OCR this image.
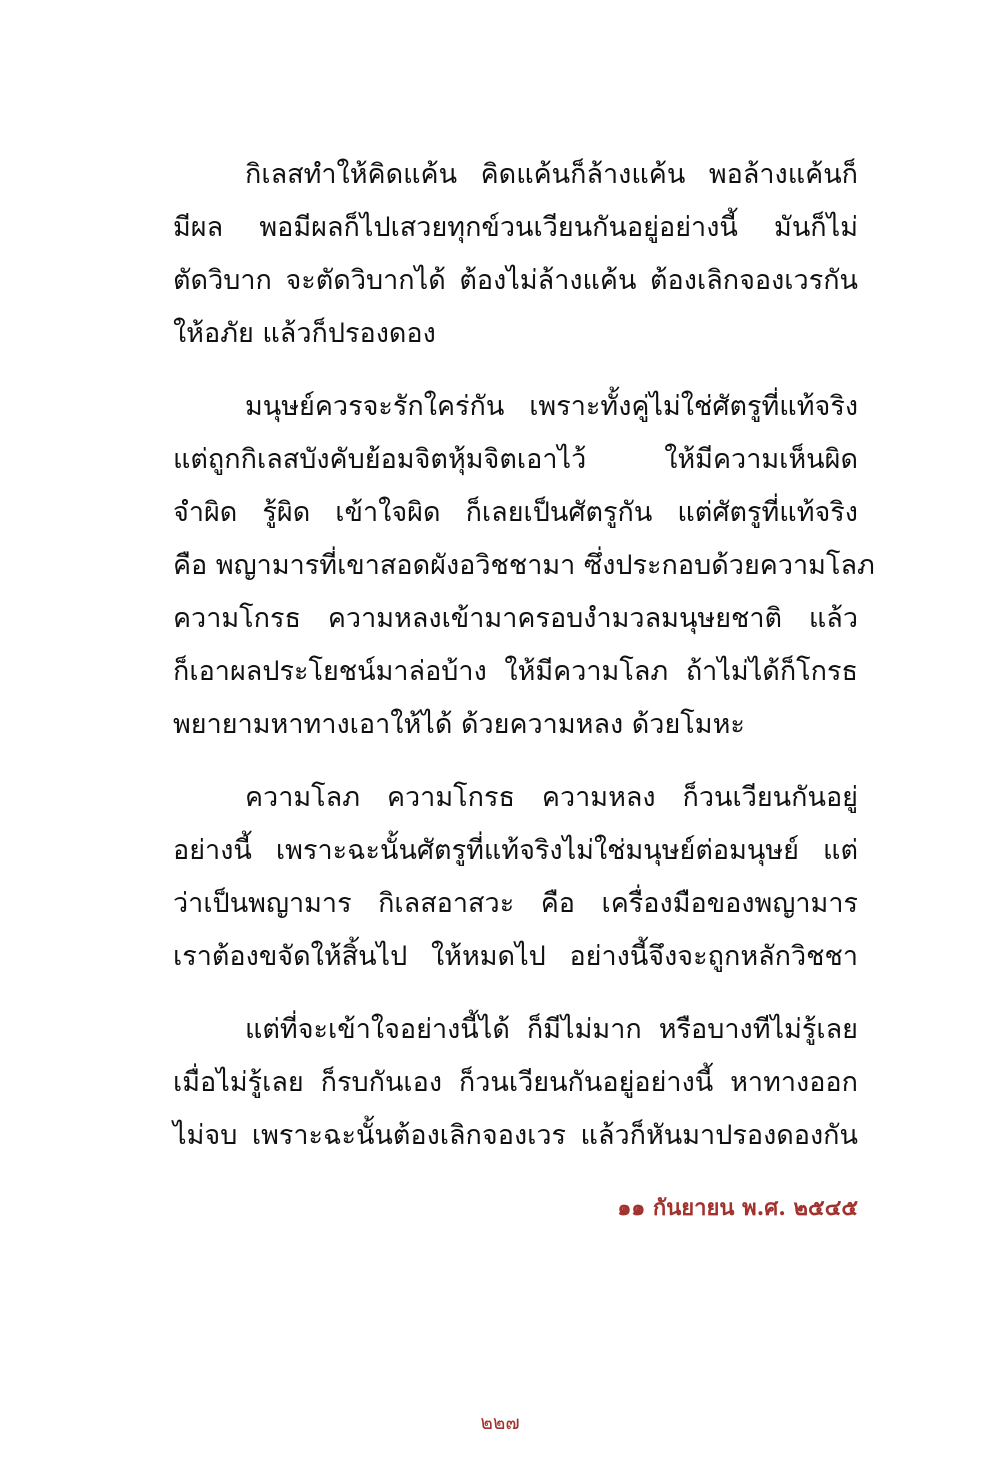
กิเลสทำให้คิดแค้น คิดแค้นก็ล้างแค้น พอล้างแค้นก็
มีผล พอมีผลก็ไปเสวยทุกข์วนเวียนกันอยู่อย่างนี้ มันก็ไม่
ตัดวิบาก จะตัดวิบากได้ ต้องไม่ล้างแค้น ต้องเลิกจองเวรกัน
ให้อภัย แล้วก็ปรองดอง
มนุษย์ควรจะรักใคร่กัน เพราะทั้งคู่ไม่ใช่ศัตรูที่แท้จริง
แต่ถูกกิเลสบังคับย้อมจิตหุ้มจิตเอาไว้ ให้มีความเห็นผิด
จำผิด รู้ผิด เข้าใจผิด ก็เลยเป็นศัตรูกัน แต่ศัตรูที่แท้จริง
คือ พญามารที่เขาสอดผังอวิชชามา ซึ่งประกอบด้วยความโลภ
ความโกรธ ความหลงเข้ามาครอบงำมวลมนุษยชาติ แล้ว
ก็เอาผลประโยชน์มาล่อบ้าง ให้มีความโลภ ถ้าไม่ได้ก็โกรธ
พยายามหาทางเอาให้ได้ ด้วยความหลง ด้วยโมหะ
ความโลภ ความโกรธ ความหลง ก็วนเวียนกันอยู่
อย่างนี้ เพราะฉะนั้นศัตรูที่แท้จริงไม่ใช่มนุษย์ต่อมนุษย์ แต่
ว่าเป็นพญามาร กิเลสอาสวะ คือ เครื่องมือของพญามาร
เราต้องขจัดให้สิ้นไป ให้หมดไป อย่างนี้จึงจะถูกหลักวิชชา
แต่ที่จะเข้าใจอย่างนี้ได้ ก็มีไม่มาก หรือบางทีไม่รู้เลย
เมื่อไม่รู้เลย ก็รบกันเอง ก็วนเวียนกันอยู่อย่างนี้ หาทางออก
ไม่จบ เพราะฉะนั้นต้องเลิกจองเวร แล้วก็หันมาปรองดองกัน
๑๑ กันยายน พ.ศ. ๒๕๔๕
๒๒๗
